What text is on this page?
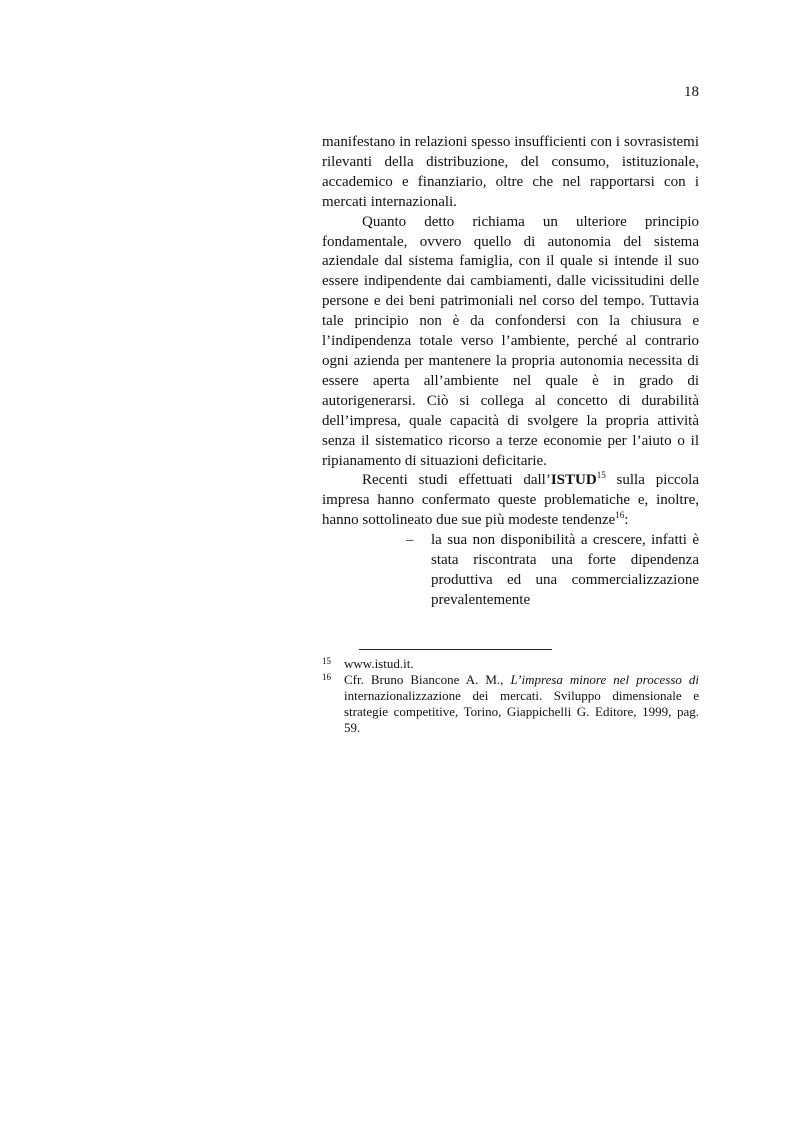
18

manifestano in relazioni spesso insufficienti con i sovrasistemi rilevanti della distribuzione, del consumo, istituzionale, accademico e finanziario, oltre che nel rapportarsi con i mercati internazionali.

Quanto detto richiama un ulteriore principio fondamentale, ovvero quello di autonomia del sistema aziendale dal sistema famiglia, con il quale si intende il suo essere indipendente dai cambiamenti, dalle vicissitudini delle persone e dei beni patrimoniali nel corso del tempo. Tuttavia tale principio non è da confondersi con la chiusura e l’indipendenza totale verso l’ambiente, perché al contrario ogni azienda per mantenere la propria autonomia necessita di essere aperta all’ambiente nel quale è in grado di autorigenerarsi. Ciò si collega al concetto di durabilità dell’impresa, quale capacità di svolgere la propria attività senza il sistematico ricorso a terze economie per l’aiuto o il ripianamento di situazioni deficitarie.

Recenti studi effettuati dall’ISTUD$^{15}$ sulla piccola impresa hanno confermato queste problematiche e, inoltre, hanno sottolineato due sue più modeste tendenze$^{16}$:

– la sua non disponibilità a crescere, infatti è stata riscontrata una forte dipendenza produttiva ed una commercializzazione prevalentemente
15 www.istud.it.
16 Cfr. Bruno Biancone A. M., L’impresa minore nel processo di internazionalizzazione dei mercati. Sviluppo dimensionale e strategie competitive, Torino, Giappichelli G. Editore, 1999, pag. 59.
